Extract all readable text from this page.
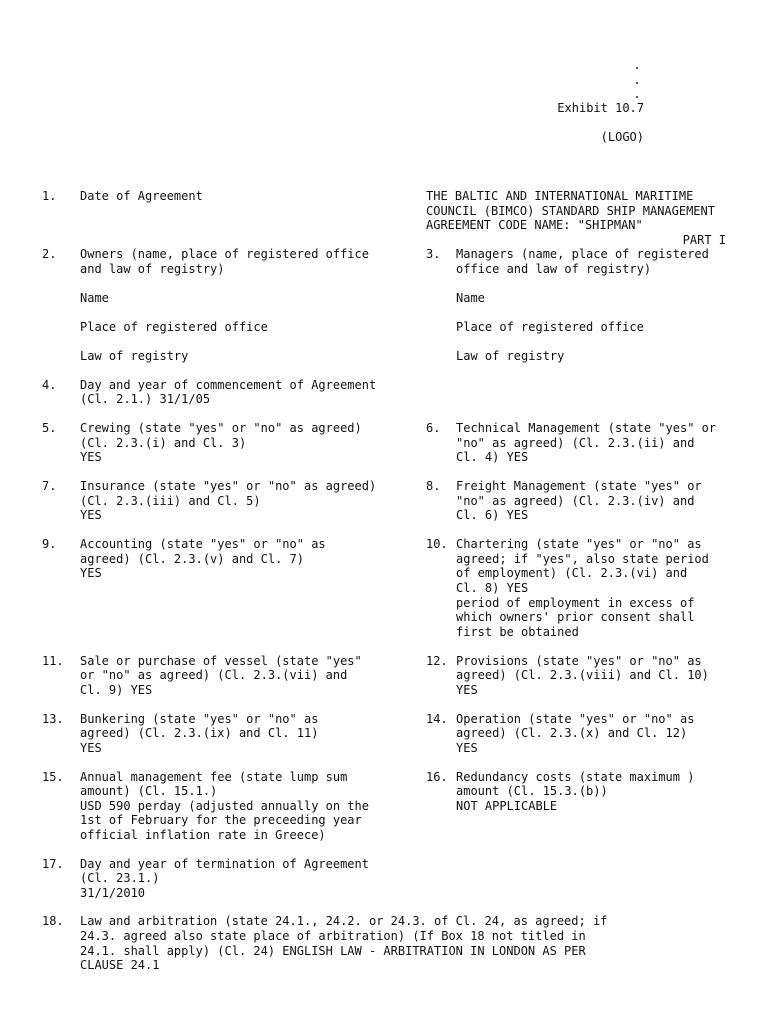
.
.
.
Exhibit 10.7
(LOGO)
THE BALTIC AND INTERNATIONAL MARITIME
COUNCIL (BIMCO) STANDARD SHIP MANAGEMENT
AGREEMENT CODE NAME: "SHIPMAN"
PART I
1. Date of Agreement
2. Owners (name, place of registered office
and law of registry)
Name
Place of registered office
Law of registry
3. Managers (name, place of registered
office and law of registry)
Name
Place of registered office
Law of registry
4. Day and year of commencement of Agreement
(Cl. 2.1.) 31/1/05
5. Crewing (state "yes" or "no" as agreed)
(Cl. 2.3.(i) and Cl. 3)
YES
6. Technical Management (state "yes" or
"no" as agreed) (Cl. 2.3.(ii) and
Cl. 4) YES
7. Insurance (state "yes" or "no" as agreed)
(Cl. 2.3.(iii) and Cl. 5)
YES
8. Freight Management (state "yes" or
"no" as agreed) (Cl. 2.3.(iv) and
Cl. 6) YES
9. Accounting (state "yes" or "no" as
agreed) (Cl. 2.3.(v) and Cl. 7)
YES
10. Chartering (state "yes" or "no" as
agreed; if "yes", also state period
of employment) (Cl. 2.3.(vi) and
Cl. 8) YES
period of employment in excess of
which owners' prior consent shall
first be obtained
11. Sale or purchase of vessel (state "yes"
or "no" as agreed) (Cl. 2.3.(vii) and
Cl. 9) YES
12. Provisions (state "yes" or "no" as
agreed) (Cl. 2.3.(viii) and Cl. 10)
YES
13. Bunkering (state "yes" or "no" as
agreed) (Cl. 2.3.(ix) and Cl. 11)
YES
14. Operation (state "yes" or "no" as
agreed) (Cl. 2.3.(x) and Cl. 12)
YES
15. Annual management fee (state lump sum
amount) (Cl. 15.1.)
USD 590 perday (adjusted annually on the
1st of February for the preceeding year
official inflation rate in Greece)
16. Redundancy costs (state maximum )
amount (Cl. 15.3.(b))
NOT APPLICABLE
17. Day and year of termination of Agreement
(Cl. 23.1.)
31/1/2010
18. Law and arbitration (state 24.1., 24.2. or 24.3. of Cl. 24, as agreed; if
24.3. agreed also state place of arbitration) (If Box 18 not titled in
24.1. shall apply) (Cl. 24) ENGLISH LAW - ARBITRATION IN LONDON AS PER
CLAUSE 24.1
